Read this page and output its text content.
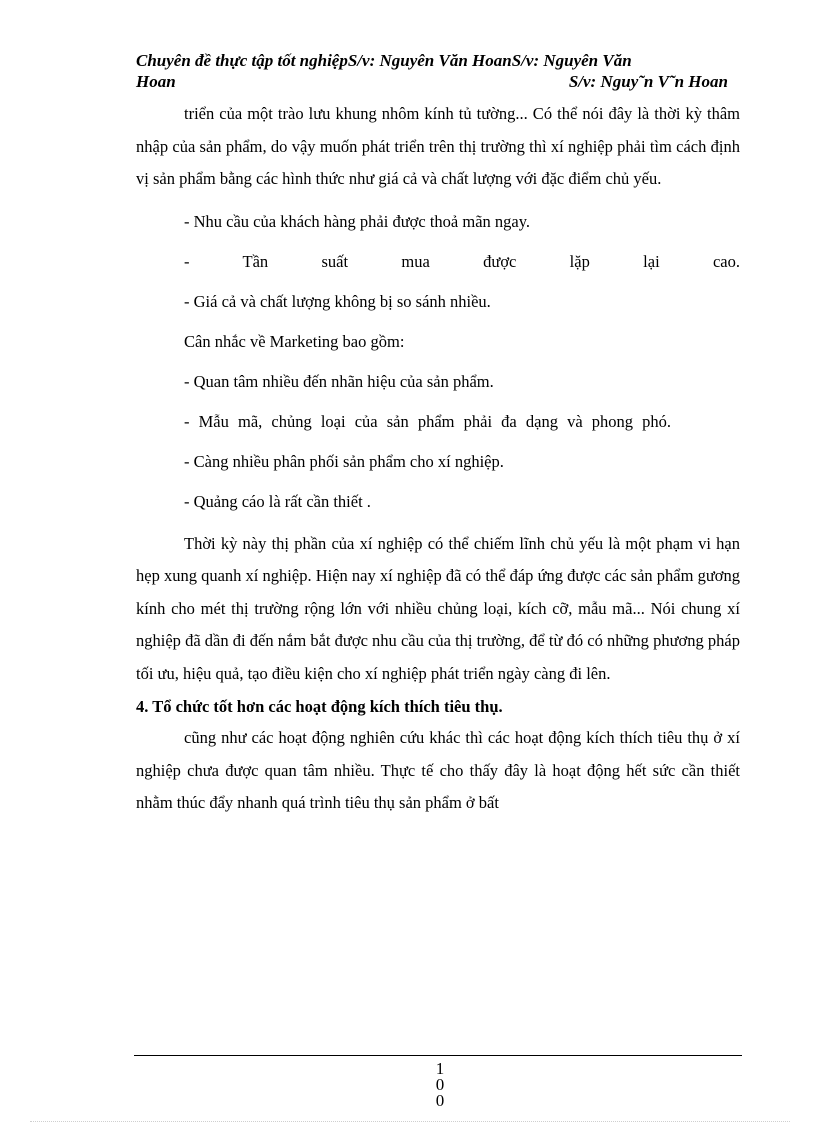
Chuyên đề thực tập tốt nghiệpS/v: Nguyên Văn HoanS/v: Nguyên Văn
Hoan	S/v: Nguy˜n V˜n Hoan

triển của một trào lưu khung nhôm kính tủ tường... Có thể nói đây là thời kỳ thâm nhập của sản phẩm, do vậy muốn phát triển trên thị trường thì xí nghiệp phải tìm cách định vị sản phẩm bằng các hình thức như giá cả và chất lượng với đặc điểm chủ yếu.

- Nhu cầu của khách hàng phải được thoả mãn ngay.

- Tần suất mua được lặp lại cao.

- Giá cả và chất lượng không bị so sánh nhiều.

Cân nhắc về Marketing bao gồm:

- Quan tâm nhiều đến nhãn hiệu của sản phẩm.

- Mẫu mã, chủng loại của sản phẩm phải đa dạng và phong phó.

- Càng nhiều phân phối sản phẩm cho xí nghiệp.

- Quảng cáo là rất cần thiết .

Thời kỳ này thị phần của xí nghiệp có thể chiếm lĩnh chủ yếu là một phạm vi hạn hẹp xung quanh xí nghiệp. Hiện nay xí nghiệp đã có thể đáp ứng được các sản phẩm gương kính cho mét thị trường rộng lớn với nhiều chủng loại, kích cỡ, mẫu mã... Nói chung xí nghiệp đã dần đi đến nắm bắt được nhu cầu của thị trường, để từ đó có những phương pháp tối ưu, hiệu quả, tạo điều kiện cho xí nghiệp phát triển ngày càng đi lên.

4. Tổ chức tốt hơn các hoạt động kích thích tiêu thụ.

cũng như các hoạt động nghiên cứu khác thì các hoạt động kích thích tiêu thụ ở xí nghiệp chưa được quan tâm nhiều. Thực tế cho thấy đây là hoạt động hết sức cần thiết nhằm thúc đẩy nhanh quá trình tiêu thụ sản phẩm ở bất

1
0
0
